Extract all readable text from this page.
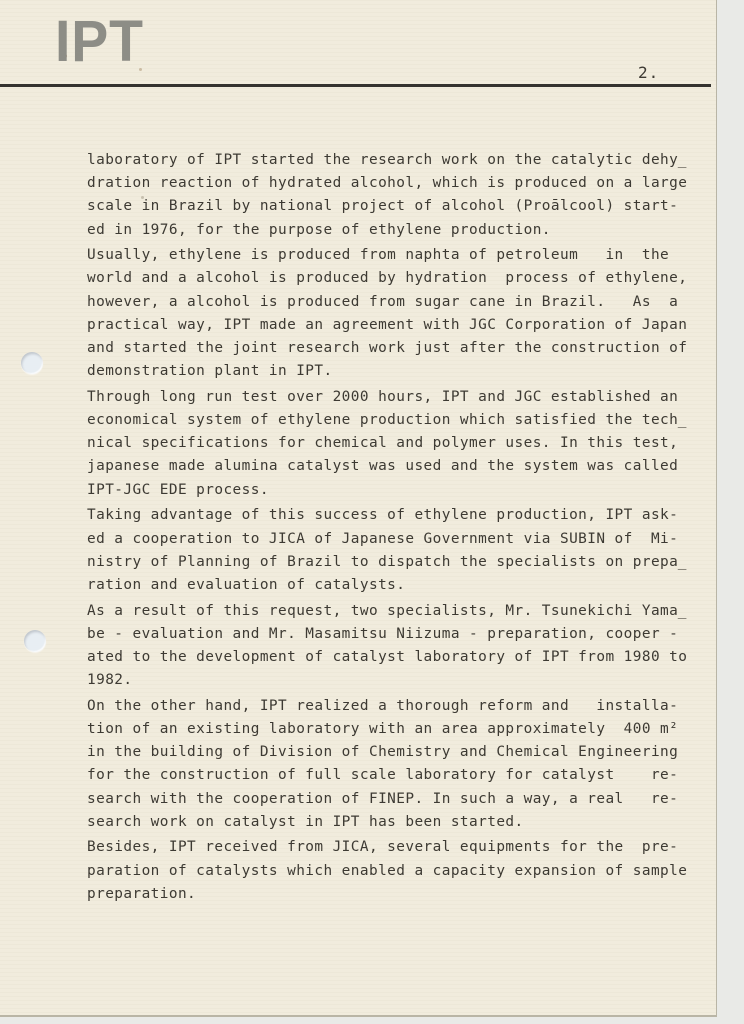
IPT	2.
laboratory of IPT started the research work on the catalytic dehy̲
dration reaction of hydrated alcohol, which is produced on a large
scale in Brazil by national project of alcohol (Proālcool) start-
ed in 1976, for the purpose of ethylene production.
Usually, ethylene is produced from naphta of petroleum   in  the
world and a alcohol is produced by hydration  process of ethylene,
however, a alcohol is produced from sugar cane in Brazil.   As  a
practical way, IPT made an agreement with JGC Corporation of Japan
and started the joint research work just after the construction of
demonstration plant in IPT.
Through long run test over 2000 hours, IPT and JGC established an
economical system of ethylene production which satisfied the tech̲
nical specifications for chemical and polymer uses. In this test,
japanese made alumina catalyst was used and the system was called
IPT-JGC EDE process.
Taking advantage of this success of ethylene production, IPT ask-
ed a cooperation to JICA of Japanese Government via SUBIN of  Mi-
nistry of Planning of Brazil to dispatch the specialists on prepa̲
ration and evaluation of catalysts.
As a result of this request, two specialists, Mr. Tsunekichi Yama̲
be - evaluation and Mr. Masamitsu Niizuma - preparation, cooper -
ated to the development of catalyst laboratory of IPT from 1980 to
1982.
On the other hand, IPT realized a thorough reform and   installa-
tion of an existing laboratory with an area approximately  400 m²
in the building of Division of Chemistry and Chemical Engineering
for the construction of full scale laboratory for catalyst    re-
search with the cooperation of FINEP. In such a way, a real   re-
search work on catalyst in IPT has been started.
Besides, IPT received from JICA, several equipments for the  pre-
paration of catalysts which enabled a capacity expansion of sample
preparation.
